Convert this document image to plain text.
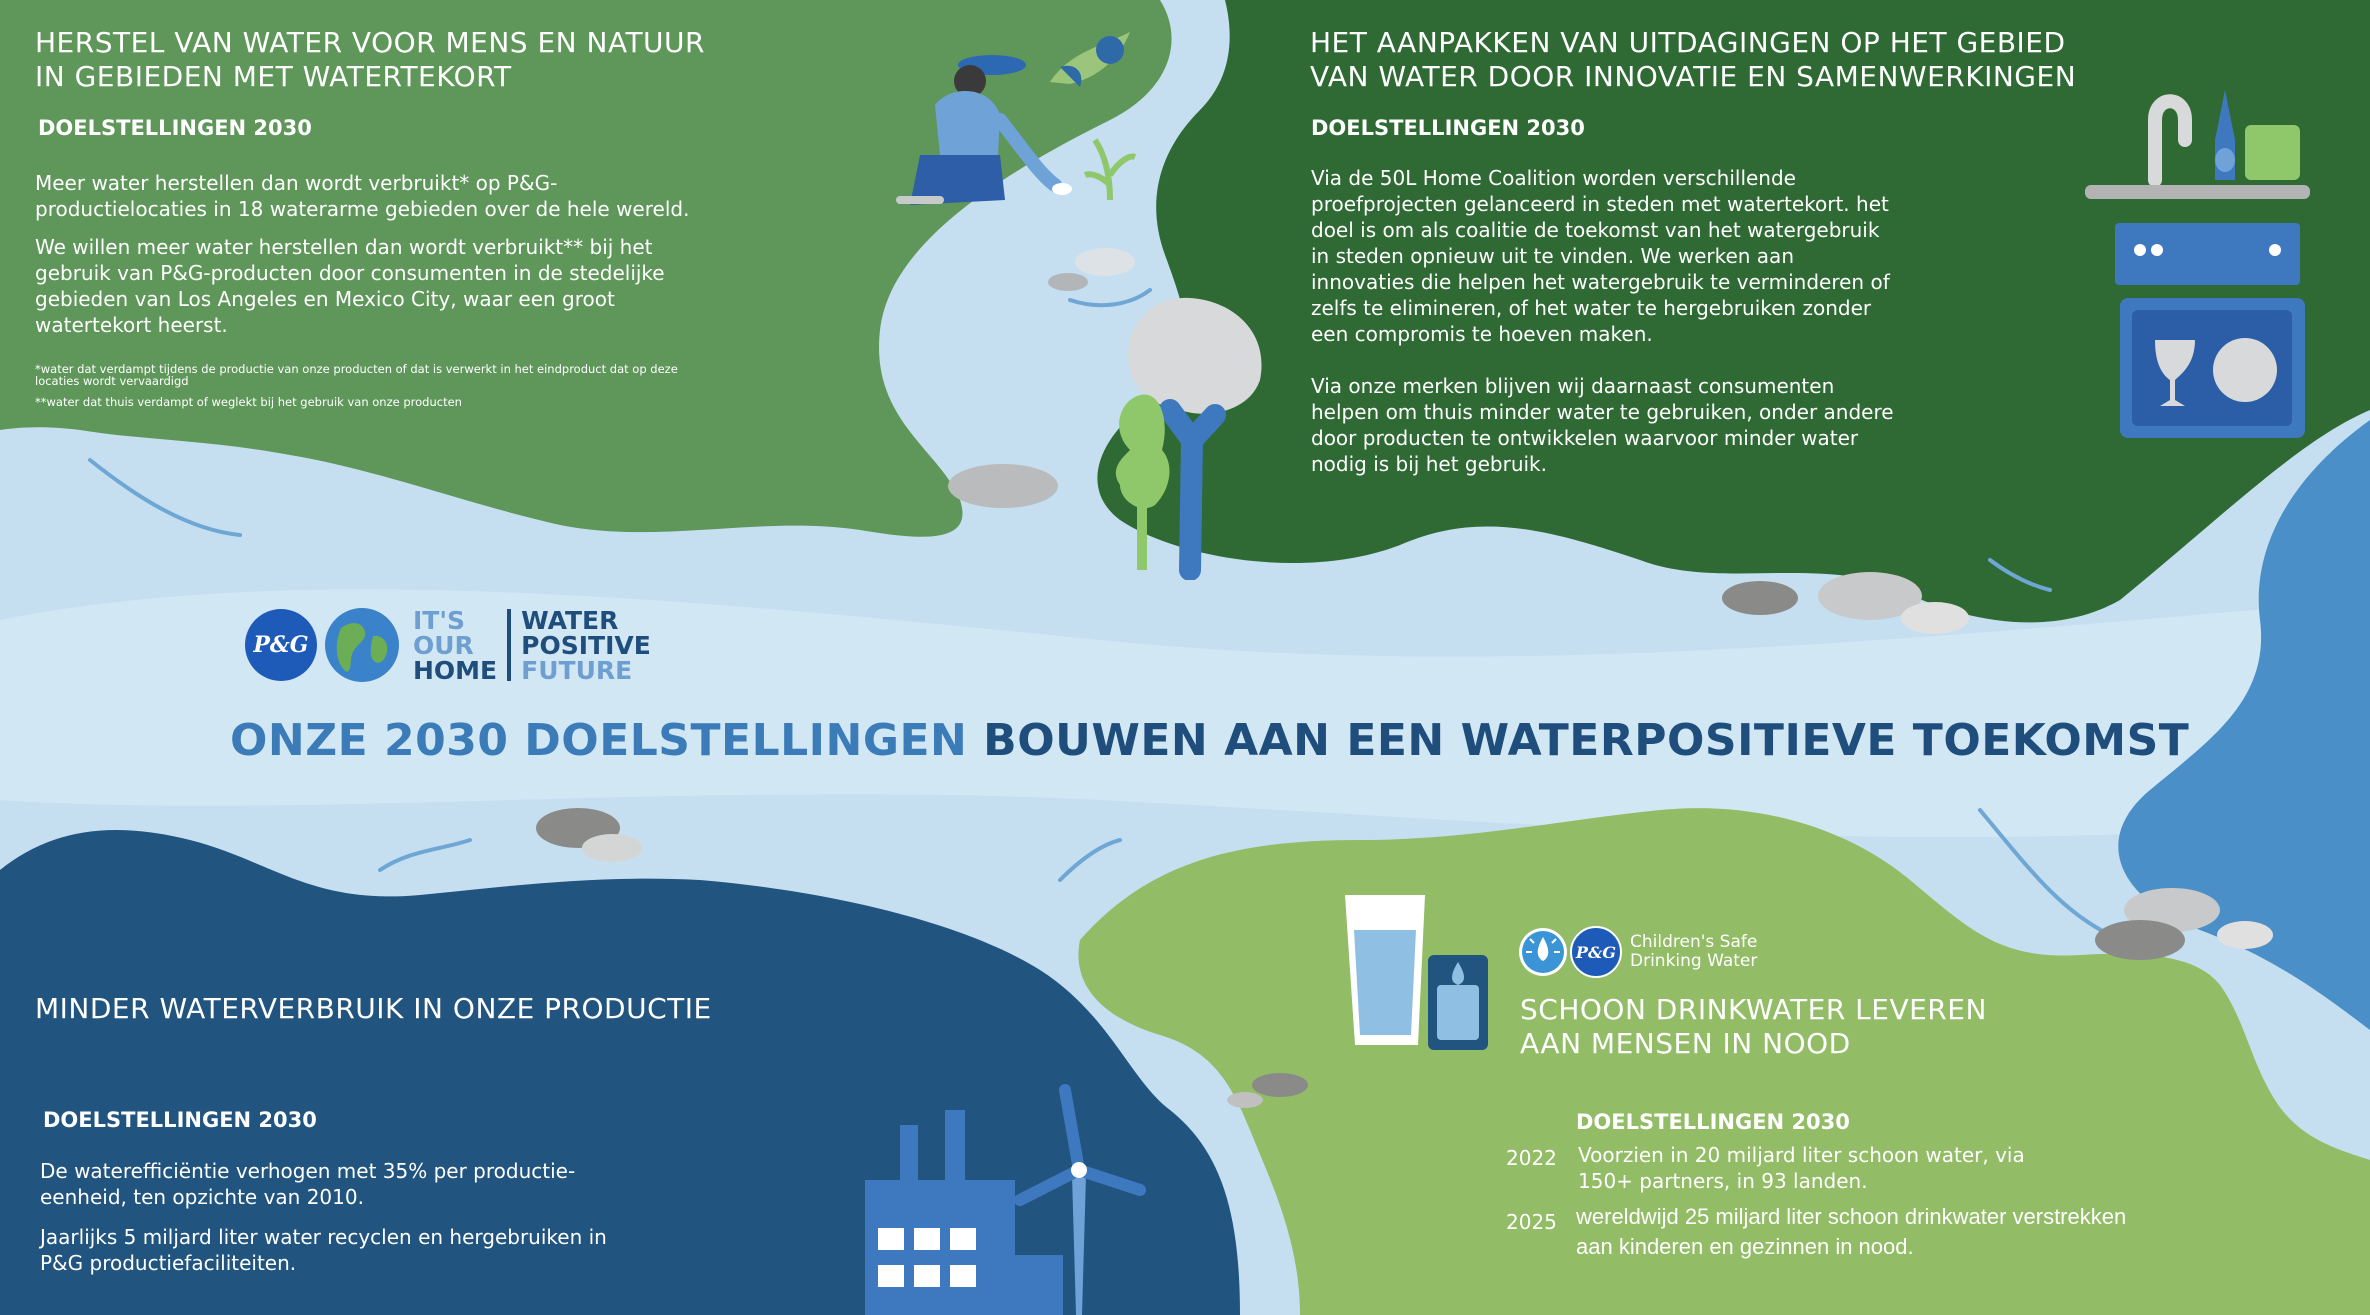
HERSTEL VAN WATER VOOR MENS EN NATUUR
IN GEBIEDEN MET WATERTEKORT
DOELSTELLINGEN 2030

Meer water herstellen dan wordt verbruikt* op P&G-productielocaties in 18 waterarme gebieden over de hele wereld.

We willen meer water herstellen dan wordt verbruikt** bij het gebruik van P&G-producten door consumenten in de stedelijke gebieden van Los Angeles en Mexico City, waar een groot watertekort heerst.

*water dat verdampt tijdens de productie van onze producten of dat is verwerkt in het eindproduct dat op deze locaties wordt vervaardigd
**water dat thuis verdampt of weglekt bij het gebruik van onze producten
HET AANPAKKEN VAN UITDAGINGEN OP HET GEBIED
VAN WATER DOOR INNOVATIE EN SAMENWERKINGEN
DOELSTELLINGEN 2030

Via de 50L Home Coalition worden verschillende proefprojecten gelanceerd in steden met watertekort. het doel is om als coalitie de toekomst van het watergebruik in steden opnieuw uit te vinden. We werken aan innovaties die helpen het watergebruik te verminderen of zelfs te elimineren, of het water te hergebruiken zonder een compromis te hoeven maken.

Via onze merken blijven wij daarnaast consumenten helpen om thuis minder water te gebruiken, onder andere door producten te ontwikkelen waarvoor minder water nodig is bij het gebruik.

P&G
IT'S
OUR
HOME
WATER
POSITIVE
FUTURE
ONZE 2030 DOELSTELLINGEN BOUWEN AAN EEN WATERPOSITIEVE TOEKOMST
MINDER WATERVERBRUIK IN ONZE PRODUCTIE
DOELSTELLINGEN 2030

De waterefficiëntie verhogen met 35% per productie-eenheid, ten opzichte van 2010.

Jaarlijks 5 miljard liter water recyclen en hergebruiken in P&G productiefaciliteiten.

P&G Children's Safe
Drinking Water
SCHOON DRINKWATER LEVEREN
AAN MENSEN IN NOOD
DOELSTELLINGEN 2030
2022 Voorzien in 20 miljard liter schoon water, via 150+ partners, in 93 landen.
2025 wereldwijd 25 miljard liter schoon drinkwater verstrekken aan kinderen en gezinnen in nood.
